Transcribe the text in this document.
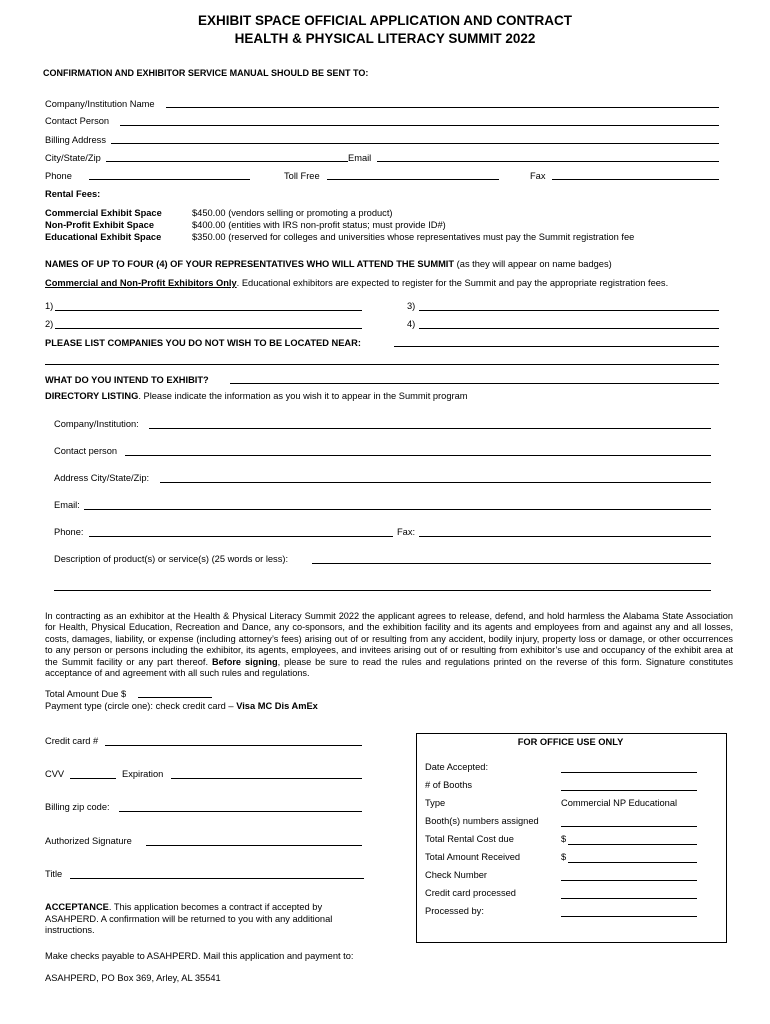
EXHIBIT SPACE OFFICIAL APPLICATION AND CONTRACT
HEALTH & PHYSICAL LITERACY SUMMIT 2022
CONFIRMATION AND EXHIBITOR SERVICE MANUAL SHOULD BE SENT TO:
Company/Institution Name
Contact Person
Billing Address
City/State/Zip	Email
Phone	Toll Free	Fax
Rental Fees:
Commercial Exhibit Space	$450.00 (vendors selling or promoting a product)
Non-Profit Exhibit Space	$400.00 (entities with IRS non-profit status; must provide ID#)
Educational Exhibit Space	$350.00 (reserved for colleges and universities whose representatives must pay the Summit registration fee
NAMES OF UP TO FOUR (4) OF YOUR REPRESENTATIVES WHO WILL ATTEND THE SUMMIT (as they will appear on name badges)
Commercial and Non-Profit Exhibitors Only. Educational exhibitors are expected to register for the Summit and pay the appropriate registration fees.
1)	3)
2)	4)
PLEASE LIST COMPANIES YOU DO NOT WISH TO BE LOCATED NEAR:
WHAT DO YOU INTEND TO EXHIBIT?
DIRECTORY LISTING. Please indicate the information as you wish it to appear in the Summit program
Company/Institution:
Contact person
Address City/State/Zip:
Email:
Phone:	Fax:
Description of product(s) or service(s) (25 words or less):
In contracting as an exhibitor at the Health & Physical Literacy Summit 2022 the applicant agrees to release, defend, and hold harmless the Alabama State Association for Health, Physical Education, Recreation and Dance, any co-sponsors, and the exhibition facility and its agents and employees from and against any and all losses, costs, damages, liability, or expense (including attorney’s fees) arising out of or resulting from any accident, bodily injury, property loss or damage, or other occurrences to any person or persons including the exhibitor, its agents, employees, and invitees arising out of or resulting from exhibitor’s use and occupancy of the exhibit area at the Summit facility or any part thereof. Before signing, please be sure to read the rules and regulations printed on the reverse of this form. Signature constitutes acceptance of and agreement with all such rules and regulations.
Total Amount Due $
Payment type (circle one): check credit card – Visa MC Dis AmEx
Credit card #
CVV	Expiration
Billing zip code:
Authorized Signature
Title
ACCEPTANCE. This application becomes a contract if accepted by ASAHPERD. A confirmation will be returned to you with any additional instructions.
Make checks payable to ASAHPERD. Mail this application and payment to:
ASAHPERD, PO Box 369, Arley, AL 35541
FOR OFFICE USE ONLY
Date Accepted:
# of Booths
Type	Commercial NP Educational
Booth(s) numbers assigned
Total Rental Cost due	$
Total Amount Received	$
Check Number
Credit card processed
Processed by:
